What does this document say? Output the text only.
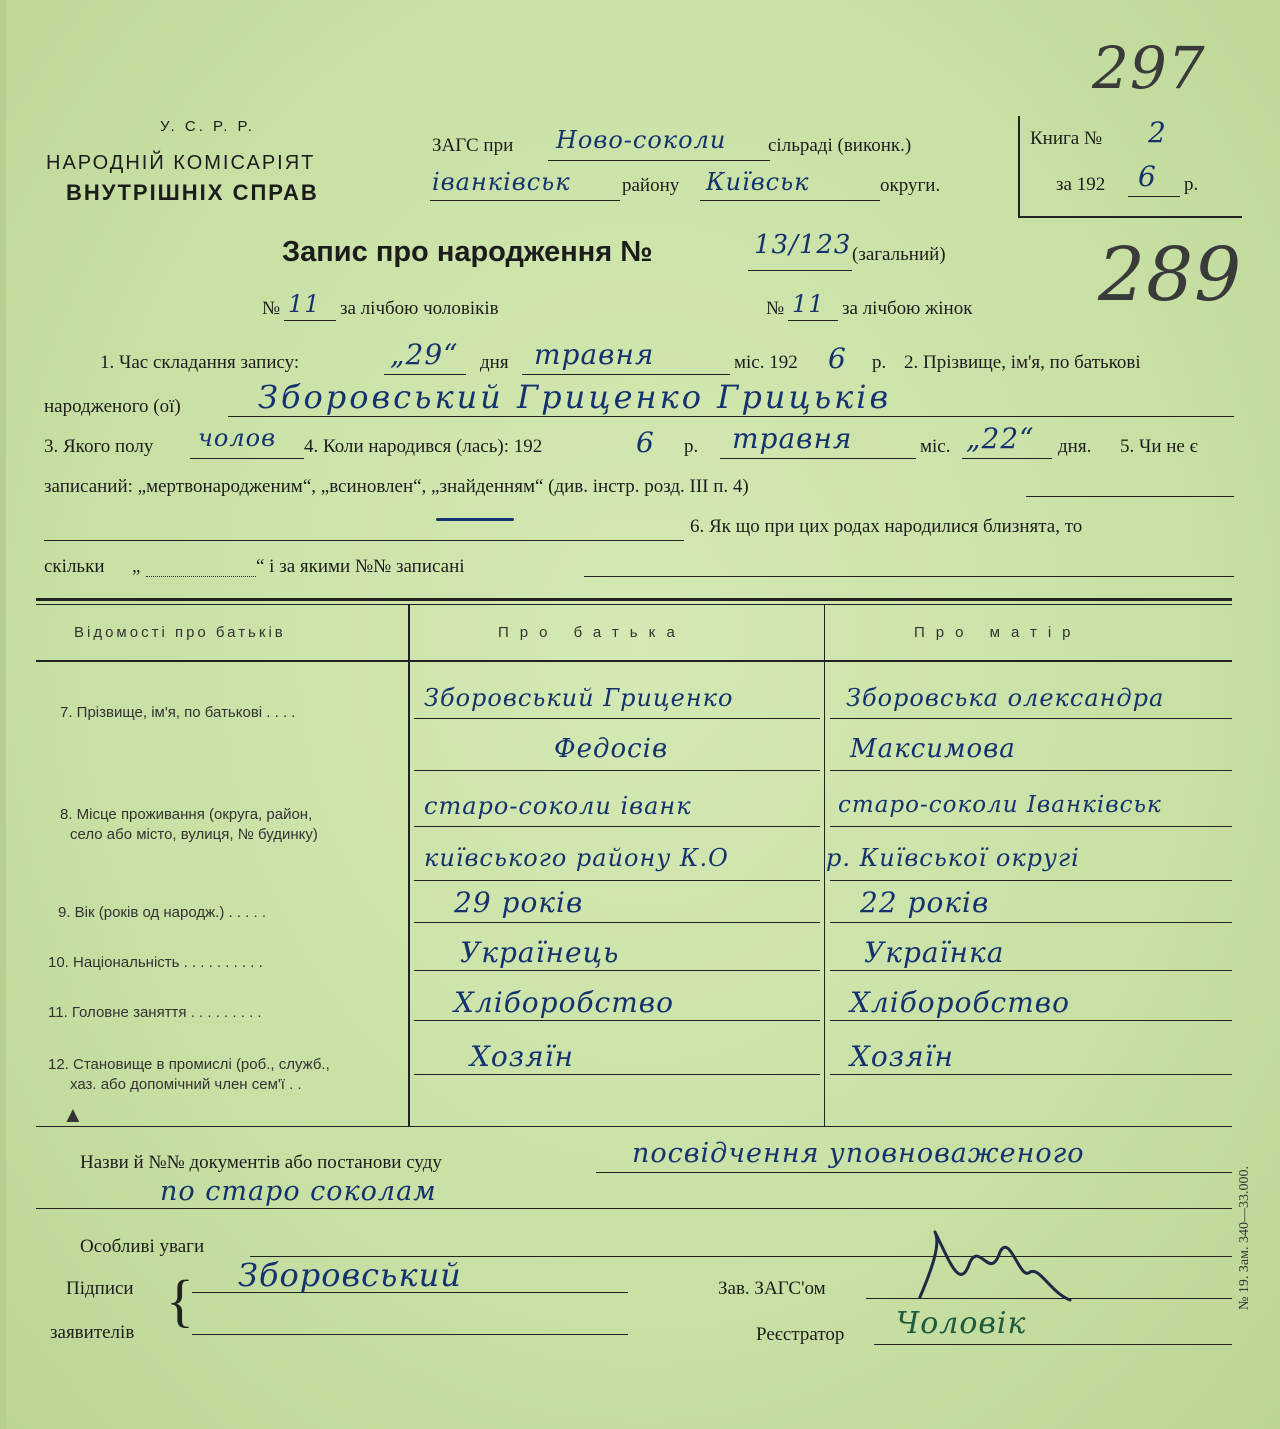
У. С. Р. Р.
НАРОДНІЙ КОМІСАРІЯТ
ВНУТРІШНІХ СПРАВ
ЗАГС при Ново-соколи сільраді (виконк.)
іванківськ	району Київськ	округи.
Книга № 2
за 192 6 р.
297
289
Запис про народження №	13/123 (загальний)
№ 11 за лічбою чоловіків	№ 11 за лічбою жінок
1. Час складання запису:	„29“ дня травня	міс. 192 6 р. 2. Прізвище, ім'я, по батькові
народженого (ої) Зборовський Гриценко Грицьків
3. Якого полу чолов 4. Коли народився (лась): 192	6 р. травня	міс. „22“ дня. 5. Чи не є
записаний: „мертвонародженим“, „всиновлен“, „знайденням“ (див. інстр. розд. III п. 4)
6. Як що при цих родах народилися близнята, то
скільки „	“ і за якими №№ записані
Відомості про батьків	Про батька	Про матір
7. Прізвище, ім'я, по батькові . . . .
Зборовський Гриценко	Зборовська олександра
Федосів	Максимова
8. Місце проживання (округа, район,
село або місто, вулиця, № будинку)
старо-соколи іванк	старо-соколи Іванківськ
київського району К.О	р. Київської округі
9. Вік (років од народж.) . . . . .	29 років	22 років
10. Національність . . . . . . . . . .	Українець	Українка
11. Головне заняття . . . . . . . . .	Хліборобство	Хліборобство
12. Становище в промислі (роб., служб.,
хаз. або допомічний член сем'ї . .
Хозяїн	Хозяїн
Назви й №№ документів або постанови суду	посвідчення уповноваженого
по старо соколам
Особливі уваги
Підписи
заявителів { Зборовський	Зав. ЗАГС'ом
Реєстратор Чоловік
№ 19. Зам. 340—33.000.
▲
